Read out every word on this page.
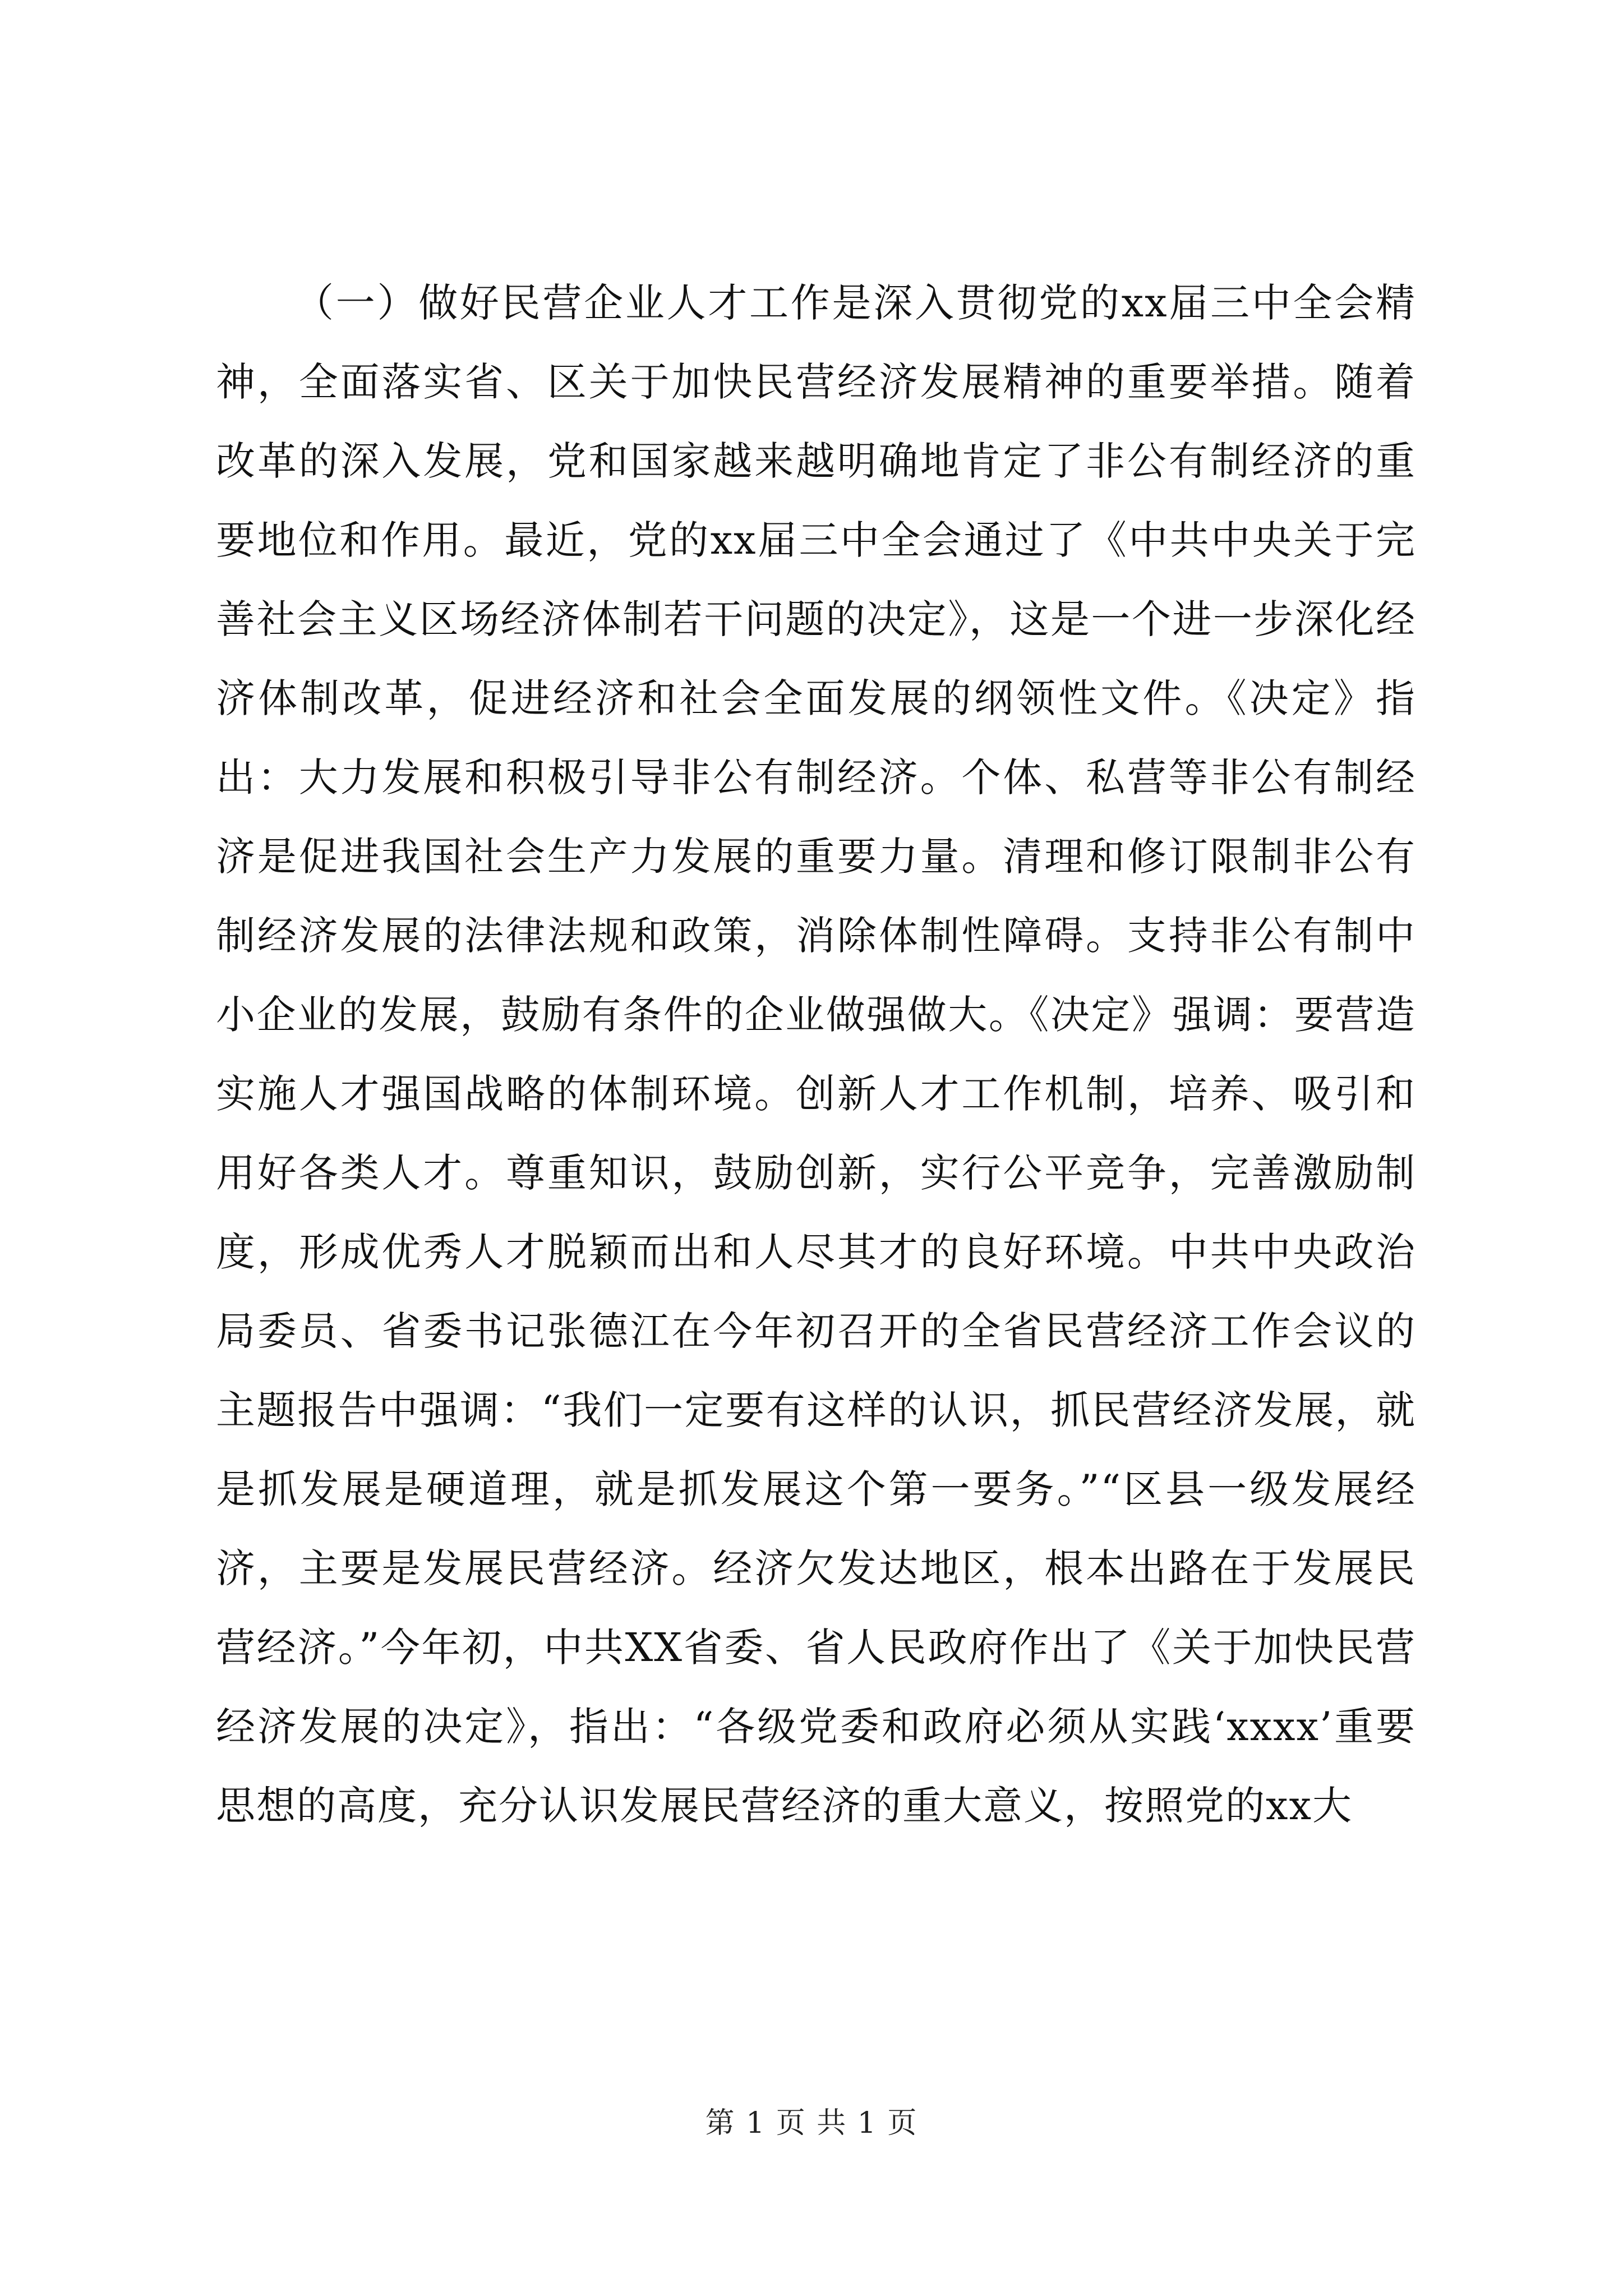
（一）做好民营企业人才工作是深入贯彻党的xx届三中全会精神，全面落实省、区关于加快民营经济发展精神的重要举措。随着改革的深入发展，党和国家越来越明确地肯定了非公有制经济的重要地位和作用。最近，党的xx届三中全会通过了《中共中央关于完善社会主义区场经济体制若干问题的决定》，这是一个进一步深化经济体制改革，促进经济和社会全面发展的纲领性文件。《决定》指出：大力发展和积极引导非公有制经济。个体、私营等非公有制经济是促进我国社会生产力发展的重要力量。清理和修订限制非公有制经济发展的法律法规和政策，消除体制性障碍。支持非公有制中小企业的发展，鼓励有条件的企业做强做大。《决定》强调：要营造实施人才强国战略的体制环境。创新人才工作机制，培养、吸引和用好各类人才。尊重知识，鼓励创新，实行公平竞争，完善激励制度，形成优秀人才脱颖而出和人尽其才的良好环境。中共中央政治局委员、省委书记张德江在今年初召开的全省民营经济工作会议的主题报告中强调：“我们一定要有这样的认识，抓民营经济发展，就是抓发展是硬道理，就是抓发展这个第一要务。”“区县一级发展经济，主要是发展民营经济。经济欠发达地区，根本出路在于发展民营经济。”今年初，中共XX省委、省人民政府作出了《关于加快民营经济发展的决定》，指出：“各级党委和政府必须从实践‘xxxx’重要思想的高度，充分认识发展民营经济的重大意义，按照党的xx大

第 1 页 共 1 页
